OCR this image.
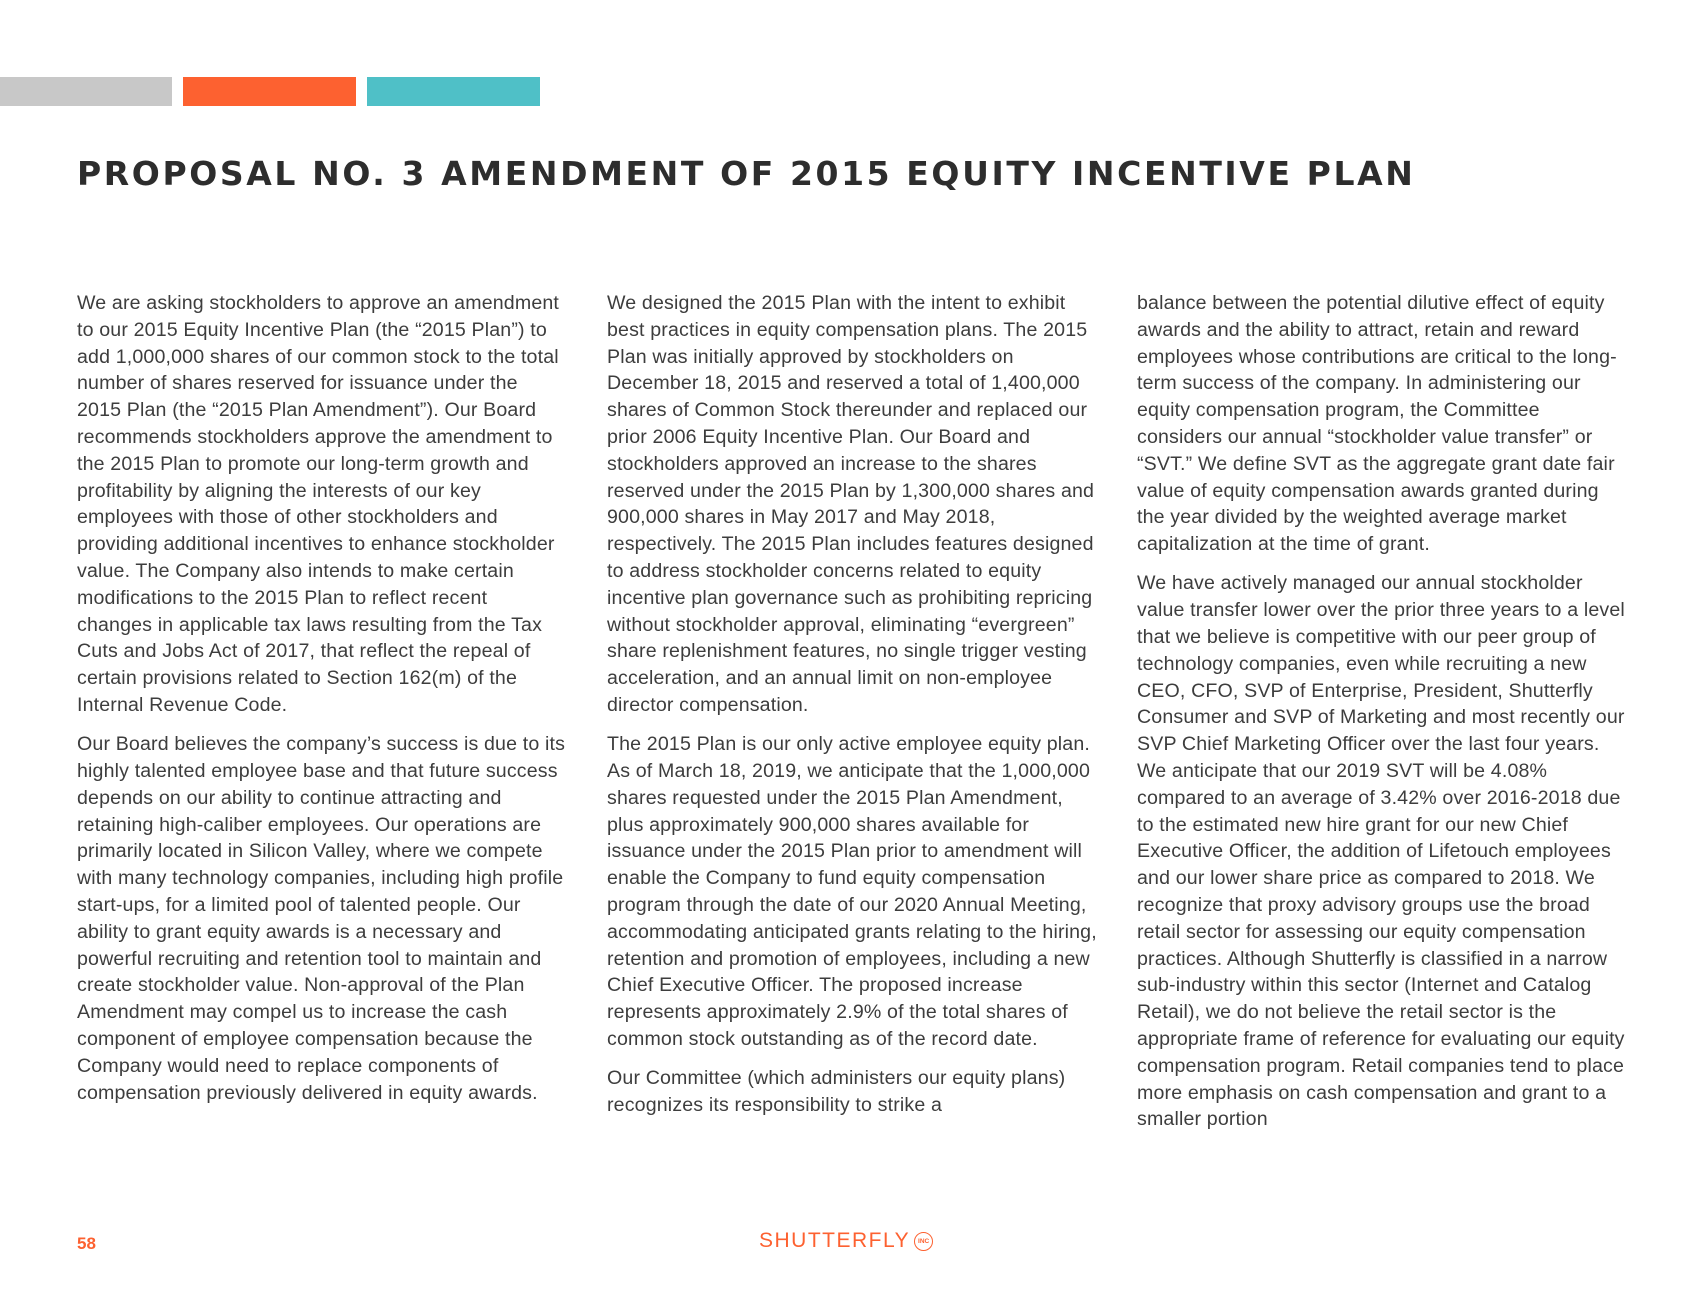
PROPOSAL NO. 3 AMENDMENT OF 2015 EQUITY INCENTIVE PLAN

We are asking stockholders to approve an amendment to our 2015 Equity Incentive Plan (the “2015 Plan”) to add 1,000,000 shares of our common stock to the total number of shares reserved for issuance under the 2015 Plan (the “2015 Plan Amendment”). Our Board recommends stockholders approve the amendment to the 2015 Plan to promote our long-term growth and profitability by aligning the interests of our key employees with those of other stockholders and providing additional incentives to enhance stockholder value. The Company also intends to make certain modifications to the 2015 Plan to reflect recent changes in applicable tax laws resulting from the Tax Cuts and Jobs Act of 2017, that reflect the repeal of certain provisions related to Section 162(m) of the Internal Revenue Code.

Our Board believes the company’s success is due to its highly talented employee base and that future success depends on our ability to continue attracting and retaining high-caliber employees. Our operations are primarily located in Silicon Valley, where we compete with many technology companies, including high profile start-ups, for a limited pool of talented people. Our ability to grant equity awards is a necessary and powerful recruiting and retention tool to maintain and create stockholder value. Non-approval of the Plan Amendment may compel us to increase the cash component of employee compensation because the Company would need to replace components of compensation previously delivered in equity awards.

We designed the 2015 Plan with the intent to exhibit best practices in equity compensation plans. The 2015 Plan was initially approved by stockholders on December 18, 2015 and reserved a total of 1,400,000 shares of Common Stock thereunder and replaced our prior 2006 Equity Incentive Plan. Our Board and stockholders approved an increase to the shares reserved under the 2015 Plan by 1,300,000 shares and 900,000 shares in May 2017 and May 2018, respectively. The 2015 Plan includes features designed to address stockholder concerns related to equity incentive plan governance such as prohibiting repricing without stockholder approval, eliminating “evergreen” share replenishment features, no single trigger vesting acceleration, and an annual limit on non-employee director compensation.

The 2015 Plan is our only active employee equity plan. As of March 18, 2019, we anticipate that the 1,000,000 shares requested under the 2015 Plan Amendment, plus approximately 900,000 shares available for issuance under the 2015 Plan prior to amendment will enable the Company to fund equity compensation program through the date of our 2020 Annual Meeting, accommodating anticipated grants relating to the hiring, retention and promotion of employees, including a new Chief Executive Officer. The proposed increase represents approximately 2.9% of the total shares of common stock outstanding as of the record date.

Our Committee (which administers our equity plans) recognizes its responsibility to strike a

balance between the potential dilutive effect of equity awards and the ability to attract, retain and reward employees whose contributions are critical to the long-term success of the company. In administering our equity compensation program, the Committee considers our annual “stockholder value transfer” or “SVT.” We define SVT as the aggregate grant date fair value of equity compensation awards granted during the year divided by the weighted average market capitalization at the time of grant.

We have actively managed our annual stockholder value transfer lower over the prior three years to a level that we believe is competitive with our peer group of technology companies, even while recruiting a new CEO, CFO, SVP of Enterprise, President, Shutterfly Consumer and SVP of Marketing and most recently our SVP Chief Marketing Officer over the last four years. We anticipate that our 2019 SVT will be 4.08% compared to an average of 3.42% over 2016-2018 due to the estimated new hire grant for our new Chief Executive Officer, the addition of Lifetouch employees and our lower share price as compared to 2018. We recognize that proxy advisory groups use the broad retail sector for assessing our equity compensation practices. Although Shutterfly is classified in a narrow sub-industry within this sector (Internet and Catalog Retail), we do not believe the retail sector is the appropriate frame of reference for evaluating our equity compensation program. Retail companies tend to place more emphasis on cash compensation and grant to a smaller portion

58	SHUTTERFLY	INC
